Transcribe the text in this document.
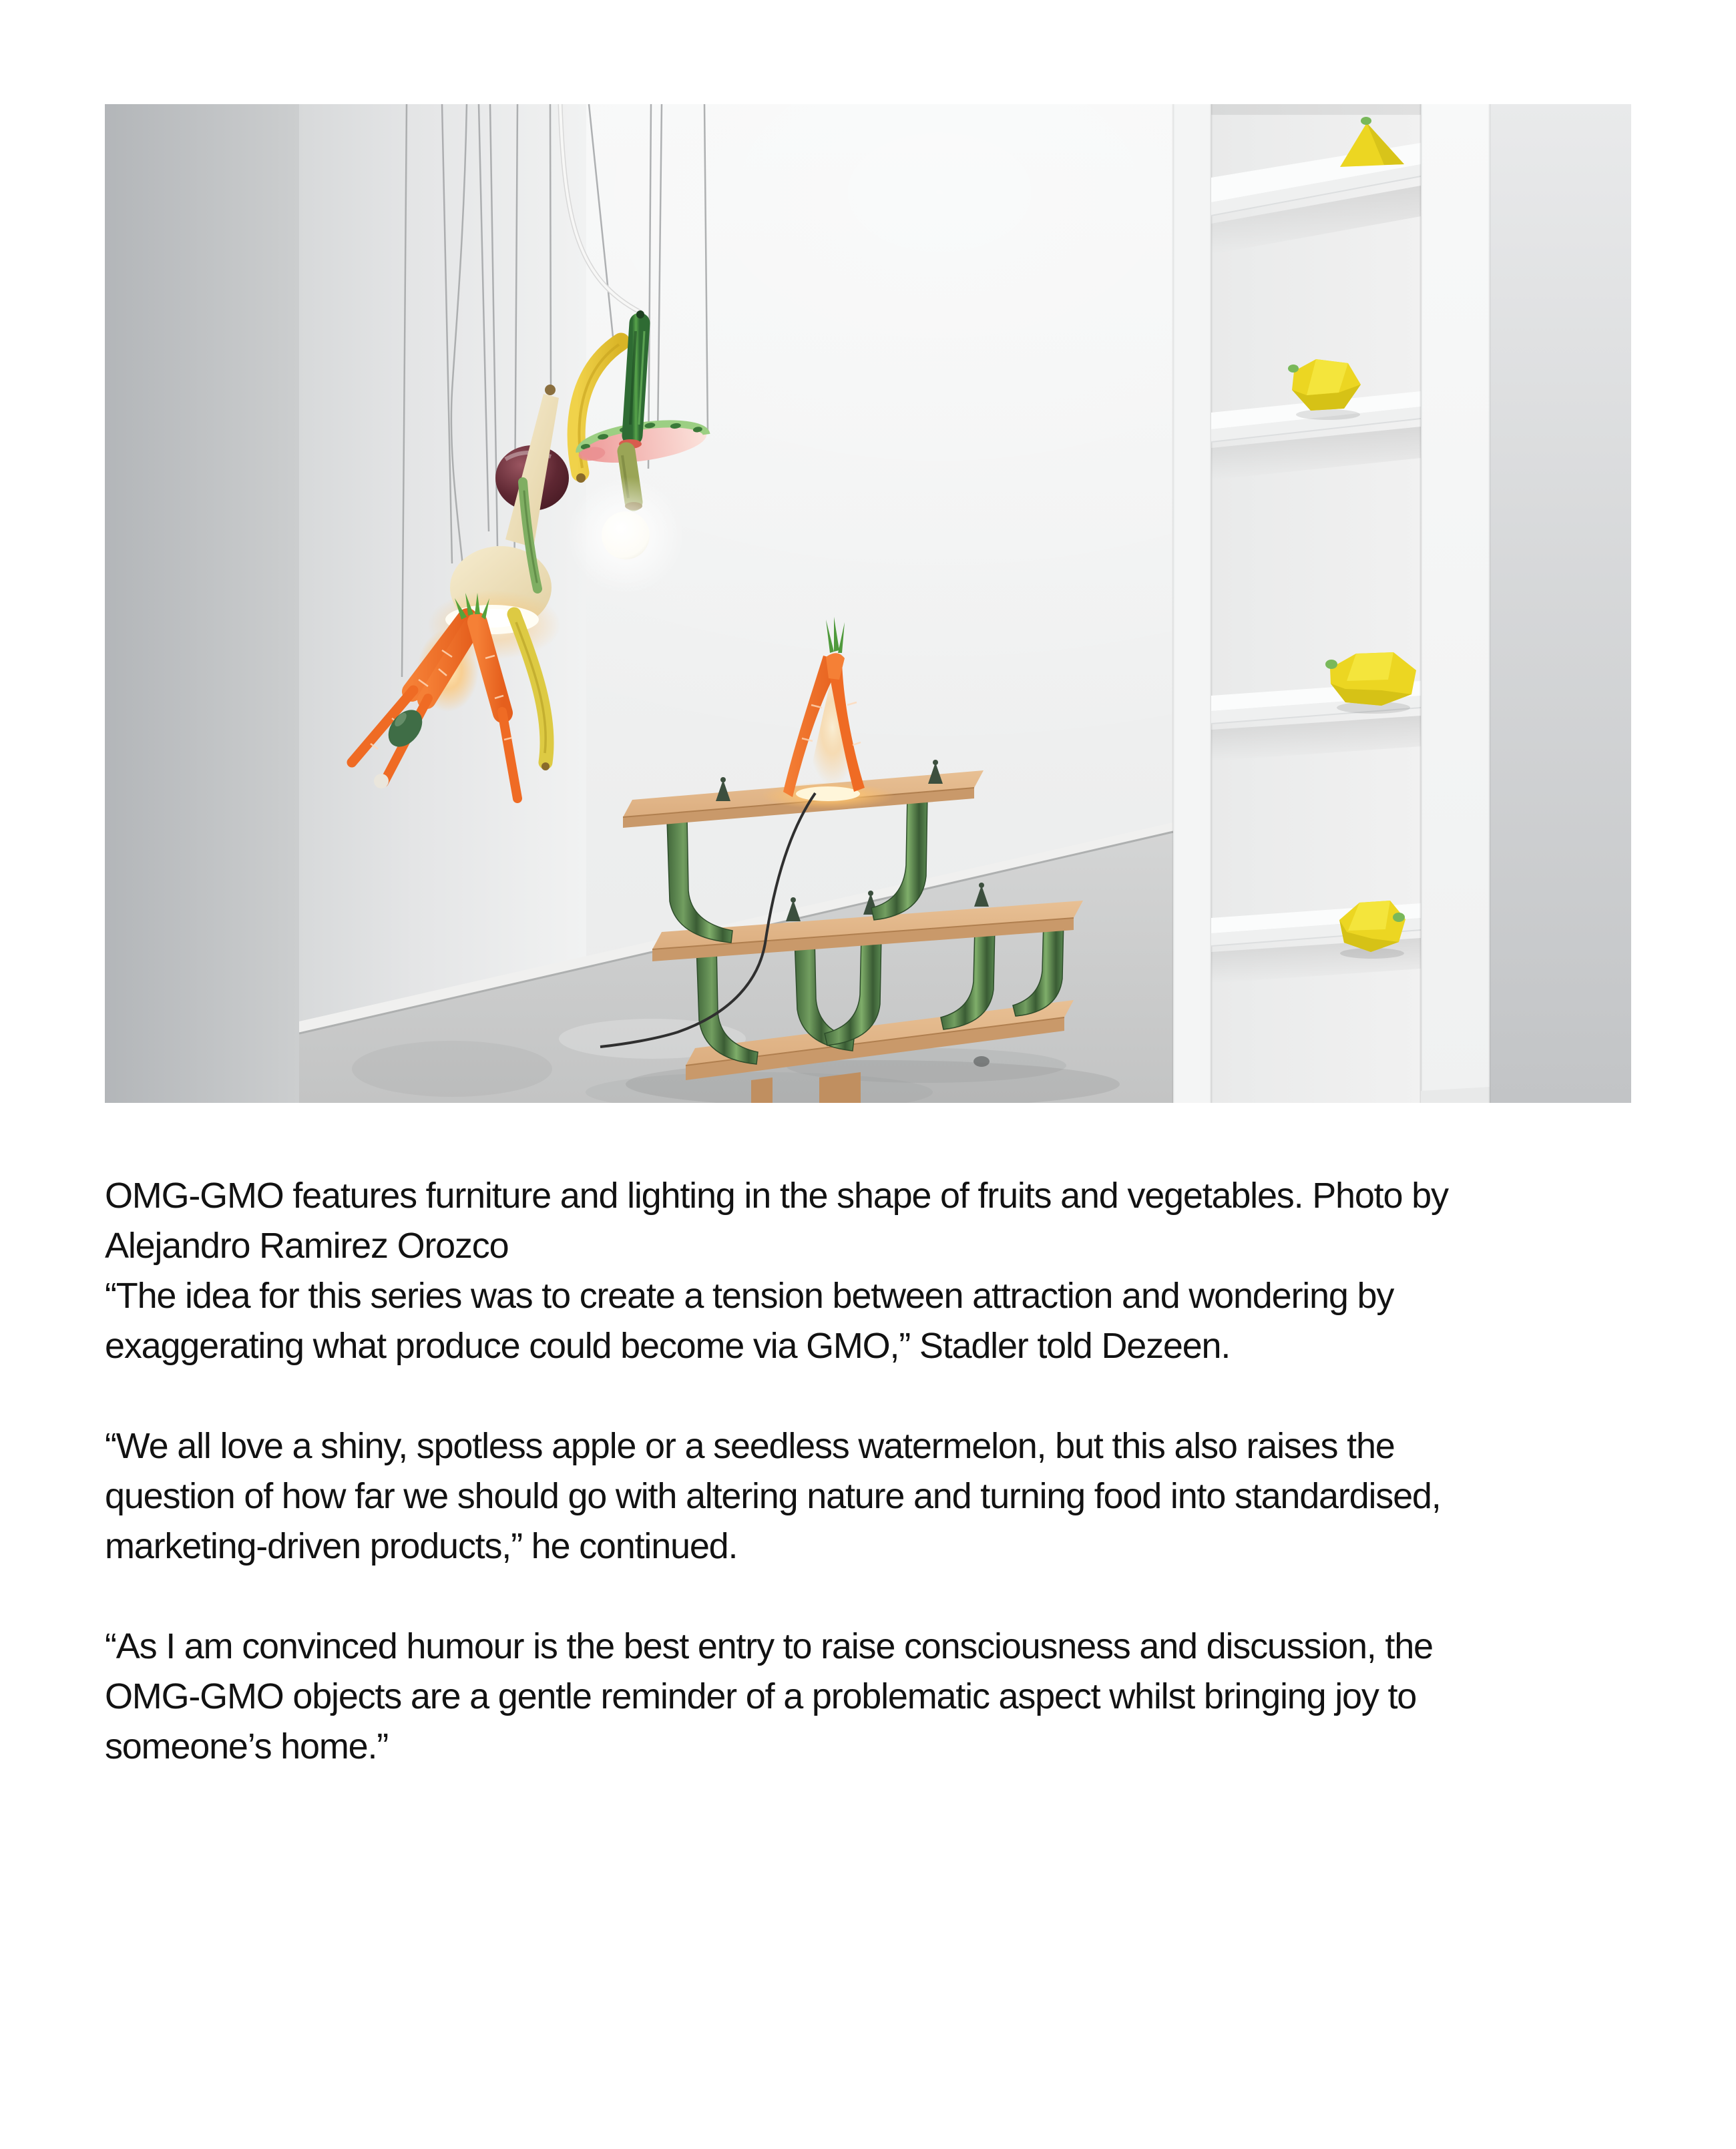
OMG-GMO features furniture and lighting in the shape of fruits and vegetables. Photo by
Alejandro Ramirez Orozco
“The idea for this series was to create a tension between attraction and wondering by
exaggerating what produce could become via GMO,” Stadler told Dezeen.
“We all love a shiny, spotless apple or a seedless watermelon, but this also raises the
question of how far we should go with altering nature and turning food into standardised,
marketing-driven products,” he continued.
“As I am convinced humour is the best entry to raise consciousness and discussion, the
OMG-GMO objects are a gentle reminder of a problematic aspect whilst bringing joy to
someone’s home.”
